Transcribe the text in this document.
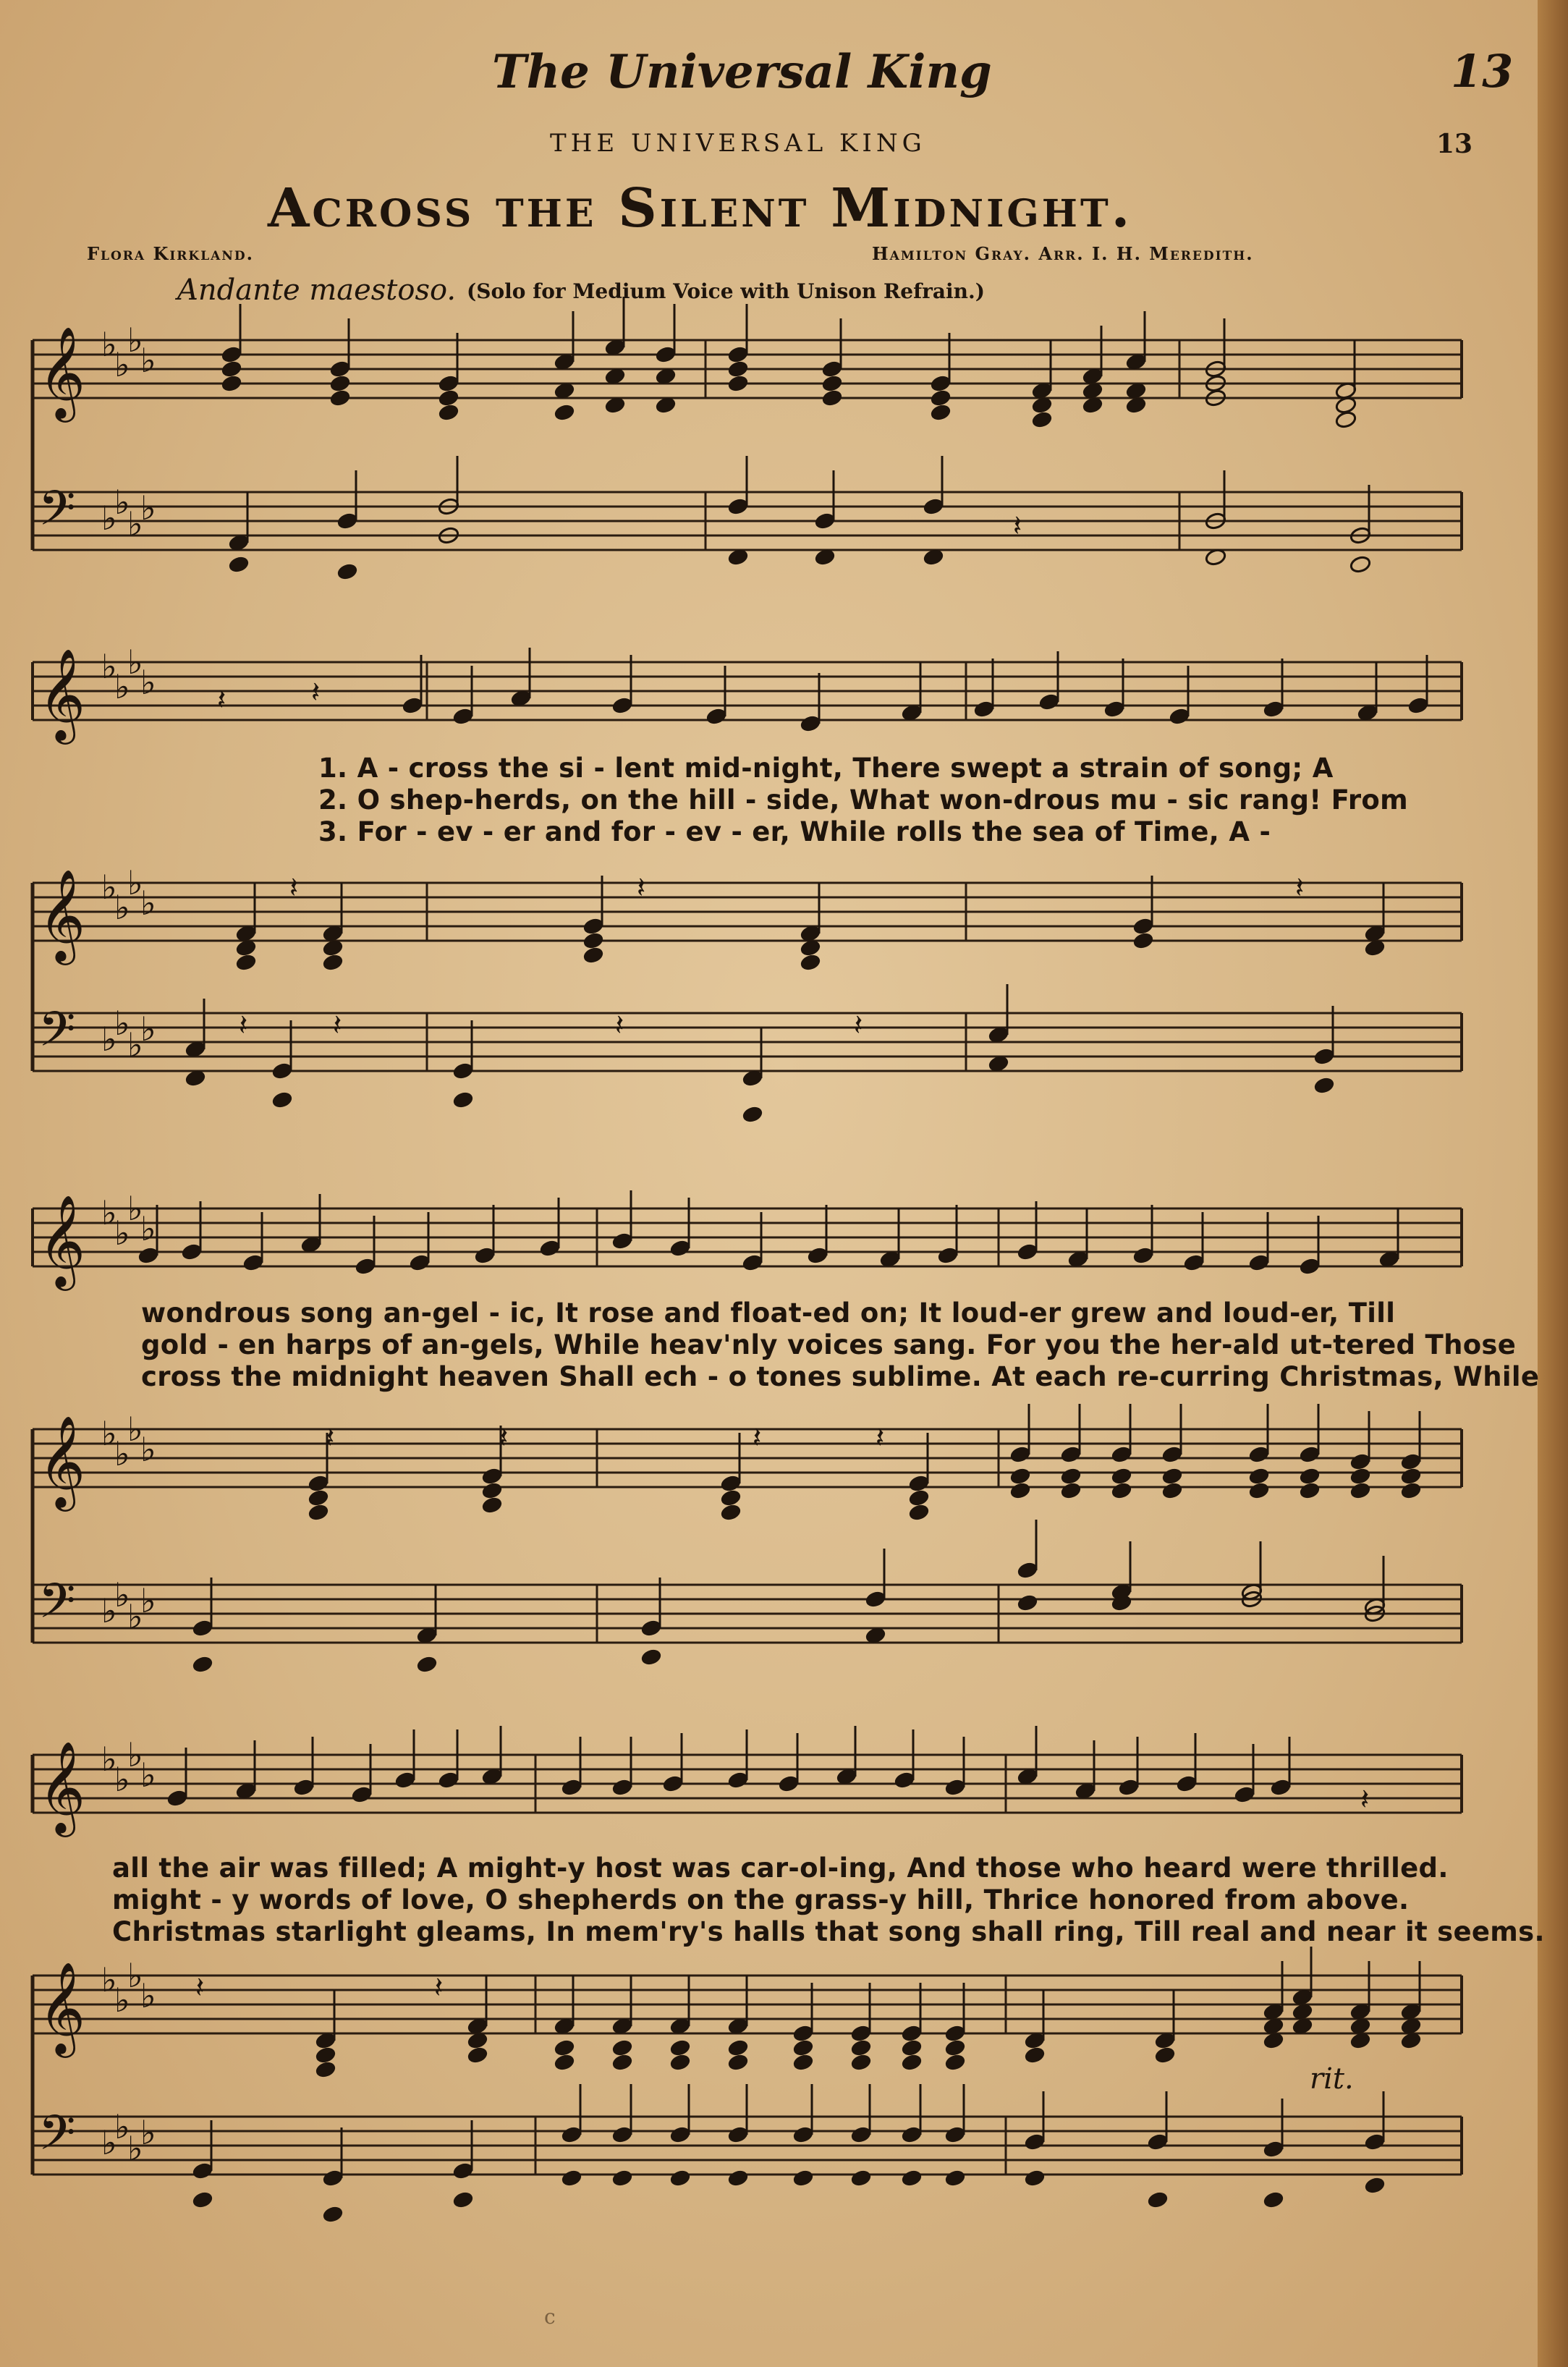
The Universal King	13
THE UNIVERSAL KING	13
Across the Silent Midnight.
Flora Kirkland.	Hamilton Gray. Arr. I. H. Meredith.
Andante maestoso. (Solo for Medium Voice with Unison Refrain.)
𝄞 ♭
♭
♭
♭
𝄢 ♭
♭
♭
♭
𝄞 ♭
♭
♭
♭
𝄞 ♭
♭
♭
♭
𝄢 ♭
♭
♭
♭
𝄞 ♭
♭
♭
♭
𝄞 ♭
♭
♭
♭
𝄢 ♭
♭
♭
♭
𝄞 ♭
♭
♭
♭
𝄞 ♭
♭
♭
♭
𝄢 ♭
♭
♭
♭
𝄽
𝄽	𝄽
𝄽	𝄽	𝄽
𝄽	𝄽	𝄽	𝄽
𝄽	𝄽	𝄽	𝄽
𝄽	𝄽
𝄽
1. A - cross the si - lent mid-night, There swept a strain of song; A
2. O shep-herds, on the hill - side, What won-drous mu - sic rang! From
3. For - ev - er and for - ev - er, While rolls the sea of Time, A -
wondrous song an-gel - ic, It rose and float-ed on; It loud-er grew and loud-er, Till
gold - en harps of an-gels, While heav'nly voices sang. For you the her-ald ut-tered Those
cross the midnight heaven Shall ech - o tones sublime. At each re-curring Christmas, While
all the air was filled; A might-y host was car-ol-ing, And those who heard were thrilled.
might - y words of love, O shepherds on the grass-y hill, Thrice honored from above.
Christmas starlight gleams, In mem'ry's halls that song shall ring, Till real and near it seems.
rit.
c
